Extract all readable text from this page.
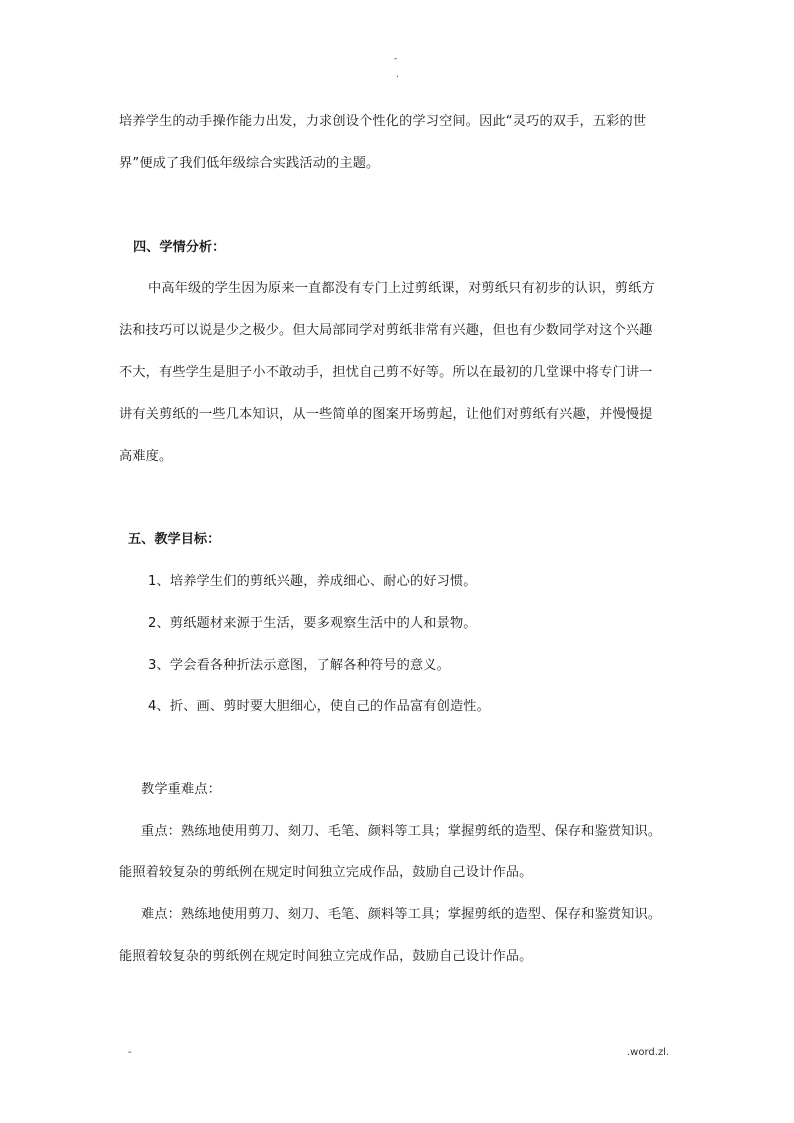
-
.
培养学生的动手操作能力出发，力求创设个性化的学习空间。因此“灵巧的双手，五彩的世
界”便成了我们低年级综合实践活动的主题。
四、学情分析：
中高年级的学生因为原来一直都没有专门上过剪纸课，对剪纸只有初步的认识，剪纸方
法和技巧可以说是少之极少。但大局部同学对剪纸非常有兴趣，但也有少数同学对这个兴趣
不大，有些学生是胆子小不敢动手，担忧自己剪不好等。所以在最初的几堂课中将专门讲一
讲有关剪纸的一些几本知识，从一些简单的图案开场剪起，让他们对剪纸有兴趣，并慢慢提
高难度。
五、教学目标：
1、培养学生们的剪纸兴趣，养成细心、耐心的好习惯。
2、剪纸题材来源于生活，要多观察生活中的人和景物。
3、学会看各种折法示意图，了解各种符号的意义。
4、折、画、剪时要大胆细心，使自己的作品富有创造性。
教学重难点：
重点：熟练地使用剪刀、刻刀、毛笔、颜料等工具；掌握剪纸的造型、保存和鉴赏知识。
能照着较复杂的剪纸例在规定时间独立完成作品，鼓励自己设计作品。
难点：熟练地使用剪刀、刻刀、毛笔、颜料等工具；掌握剪纸的造型、保存和鉴赏知识。
能照着较复杂的剪纸例在规定时间独立完成作品，鼓励自己设计作品。
-	.word.zl.
